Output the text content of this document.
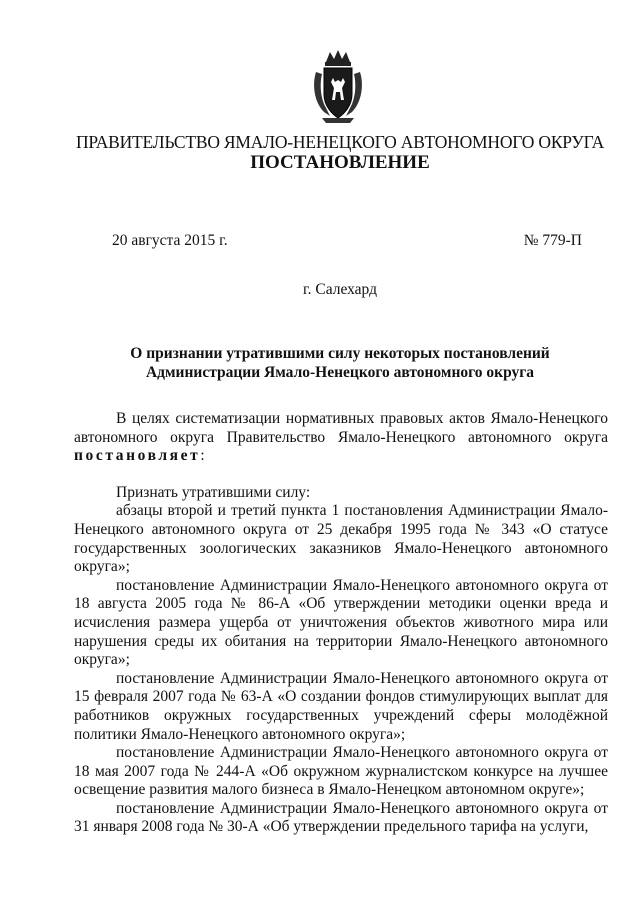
ПРАВИТЕЛЬСТВО ЯМАЛО-НЕНЕЦКОГО АВТОНОМНОГО ОКРУГА
ПОСТАНОВЛЕНИЕ
20 августа 2015 г.	№ 779-П
г. Салехард
О признании утратившими силу некоторых постановлений
Администрации Ямало-Ненецкого автономного округа

В целях систематизации нормативных правовых актов Ямало-Ненецкого автономного округа Правительство Ямало-Ненецкого автономного округа постановляет:

Признать утратившими силу:

абзацы второй и третий пункта 1 постановления Администрации Ямало-Ненецкого автономного округа от 25 декабря 1995 года № 343 «О статусе государственных зоологических заказников Ямало-Ненецкого автономного округа»;

постановление Администрации Ямало-Ненецкого автономного округа от 18 августа 2005 года № 86-А «Об утверждении методики оценки вреда и исчисления размера ущерба от уничтожения объектов животного мира или нарушения среды их обитания на территории Ямало-Ненецкого автономного округа»;

постановление Администрации Ямало-Ненецкого автономного округа от 15 февраля 2007 года № 63-А «О создании фондов стимулирующих выплат для работников окружных государственных учреждений сферы молодёжной политики Ямало-Ненецкого автономного округа»;

постановление Администрации Ямало-Ненецкого автономного округа от 18 мая 2007 года № 244-А «Об окружном журналистском конкурсе на лучшее освещение развития малого бизнеса в Ямало-Ненецком автономном округе»;

постановление Администрации Ямало-Ненецкого автономного округа от 31 января 2008 года № 30-А «Об утверждении предельного тарифа на услуги,
